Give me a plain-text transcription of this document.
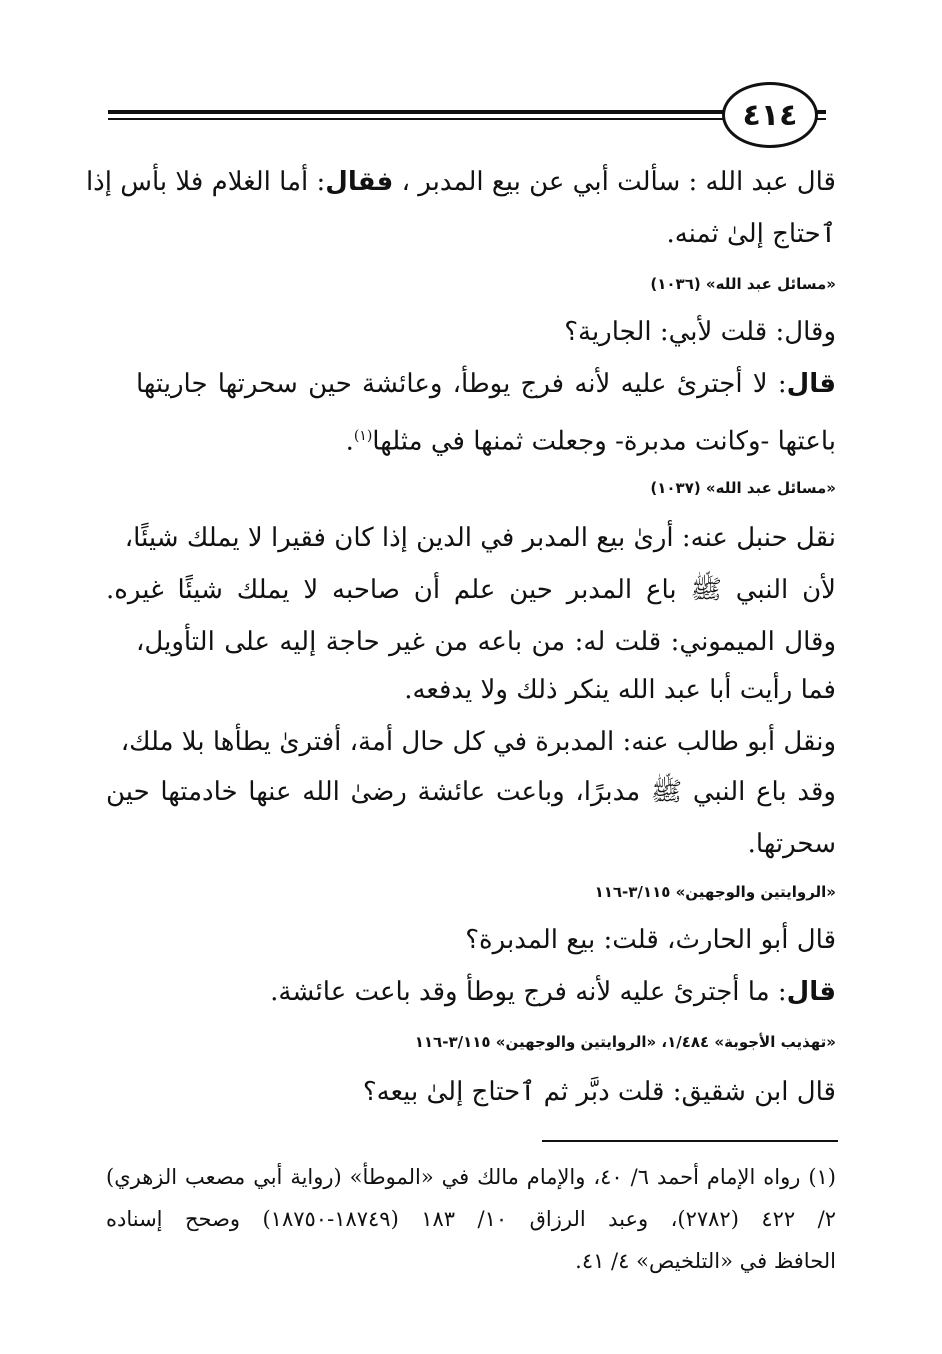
٤١٤
قال عبد الله : سألت أبي عن بيع المدبر ، فقال: أما الغلام فلا بأس إذا
ٱحتاج إلىٰ ثمنه.
«مسائل عبد الله» (١٠٣٦)
وقال: قلت لأبي: الجارية؟
قال: لا أجترئ عليه لأنه فرج يوطأ، وعائشة حين سحرتها جاريتها
باعتها -وكانت مدبرة- وجعلت ثمنها في مثلها$^{(١)}$.
«مسائل عبد الله» (١٠٣٧)
نقل حنبل عنه: أرىٰ بيع المدبر في الدين إذا كان فقيرا لا يملك شيئًا،
لأن النبي ﷺ باع المدبر حين علم أن صاحبه لا يملك شيئًا غيره.
وقال الميموني: قلت له: من باعه من غير حاجة إليه على التأويل،
فما رأيت أبا عبد الله ينكر ذلك ولا يدفعه.
ونقل أبو طالب عنه: المدبرة في كل حال أمة، أفترىٰ يطأها بلا ملك،
وقد باع النبي ﷺ مدبرًا، وباعت عائشة رضىٰ الله عنها خادمتها حين
سحرتها.
«الروايتين والوجهين» ٣/١١٥-١١٦
قال أبو الحارث، قلت: بيع المدبرة؟
قال: ما أجترئ عليه لأنه فرج يوطأ وقد باعت عائشة.
«تهذيب الأجوبة» ١/٤٨٤، «الروايتين والوجهين» ٣/١١٥-١١٦
قال ابن شقيق: قلت دبَّر ثم ٱحتاج إلىٰ بيعه؟
(١) رواه الإمام أحمد ٦/ ٤٠، والإمام مالك في «الموطأ» (رواية أبي مصعب الزهري)
٢/ ٤٢٢ (٢٧٨٢)، وعبد الرزاق ١٠/ ١٨٣ (١٨٧٤٩-١٨٧٥٠) وصحح إسناده
الحافظ في «التلخيص» ٤/ ٤١.
